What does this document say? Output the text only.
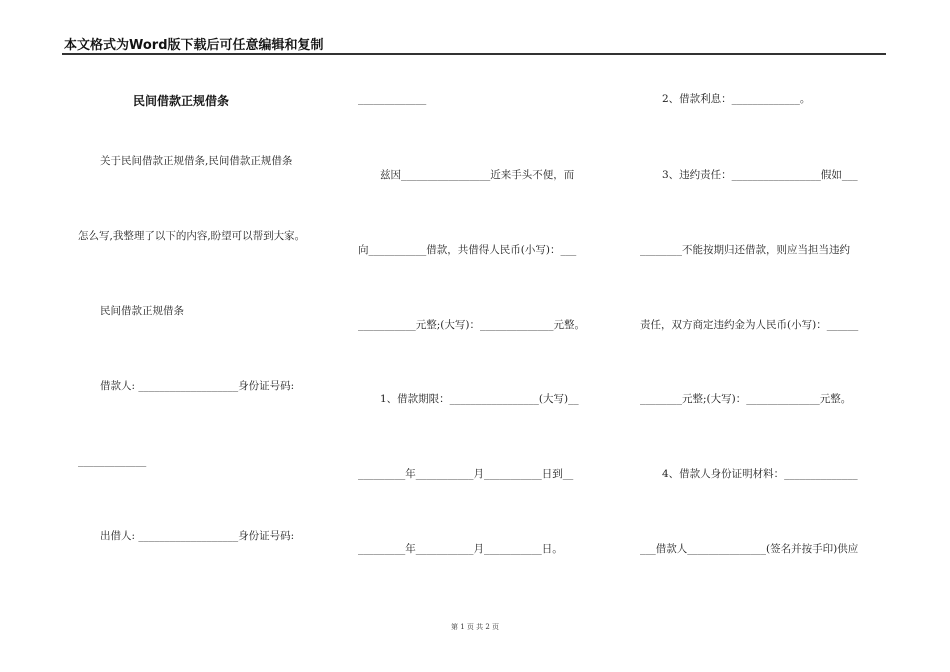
本文格式为Word版下载后可任意编辑和复制
民间借款正规借条
关于民间借款正规借条,民间借款正规借条
怎么写,我整理了以下的内容,盼望可以帮到大家。
民间借款正规借条
借款人: ___________________身份证号码:
_____________
出借人: ___________________身份证号码:
_____________
兹因_________________近来手头不便，而
向___________借款，共借得人民币(小写)：___
___________元整;(大写)：______________元整。
1、借款期限：_________________(大写)__
_________年___________月___________日到__
_________年___________月___________日。
2、借款利息：_____________。
3、违约责任：_________________假如___
________不能按期归还借款，则应当担当违约
责任，双方商定违约金为人民币(小写)：______
________元整;(大写)：______________元整。
4、借款人身份证明材料：______________
___借款人_______________(签名并按手印)供应
第 1 页 共 2 页
